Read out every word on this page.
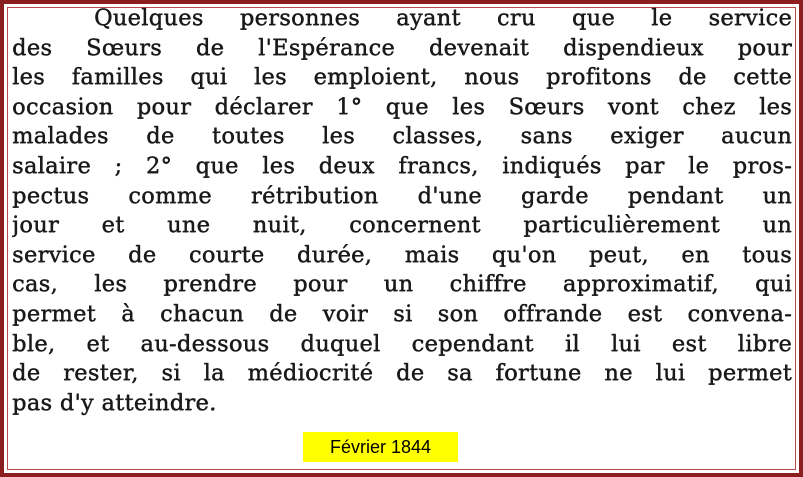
Quelques personnes ayant cru que le service
des Sœurs de l'Espérance devenait dispendieux pour
les familles qui les emploient, nous profitons de cette
occasion pour déclarer 1° que les Sœurs vont chez les
malades de toutes les classes, sans exiger aucun
salaire ; 2° que les deux francs, indiqués par le pros-
pectus comme rétribution d'une garde pendant un
jour et une nuit, concernent particulièrement un
service de courte durée, mais qu'on peut, en tous
cas, les prendre pour un chiffre approximatif, qui
permet à chacun de voir si son offrande est convena-
ble, et au-dessous duquel cependant il lui est libre
de rester, si la médiocrité de sa fortune ne lui permet
pas d'y atteindre.
Février 1844
